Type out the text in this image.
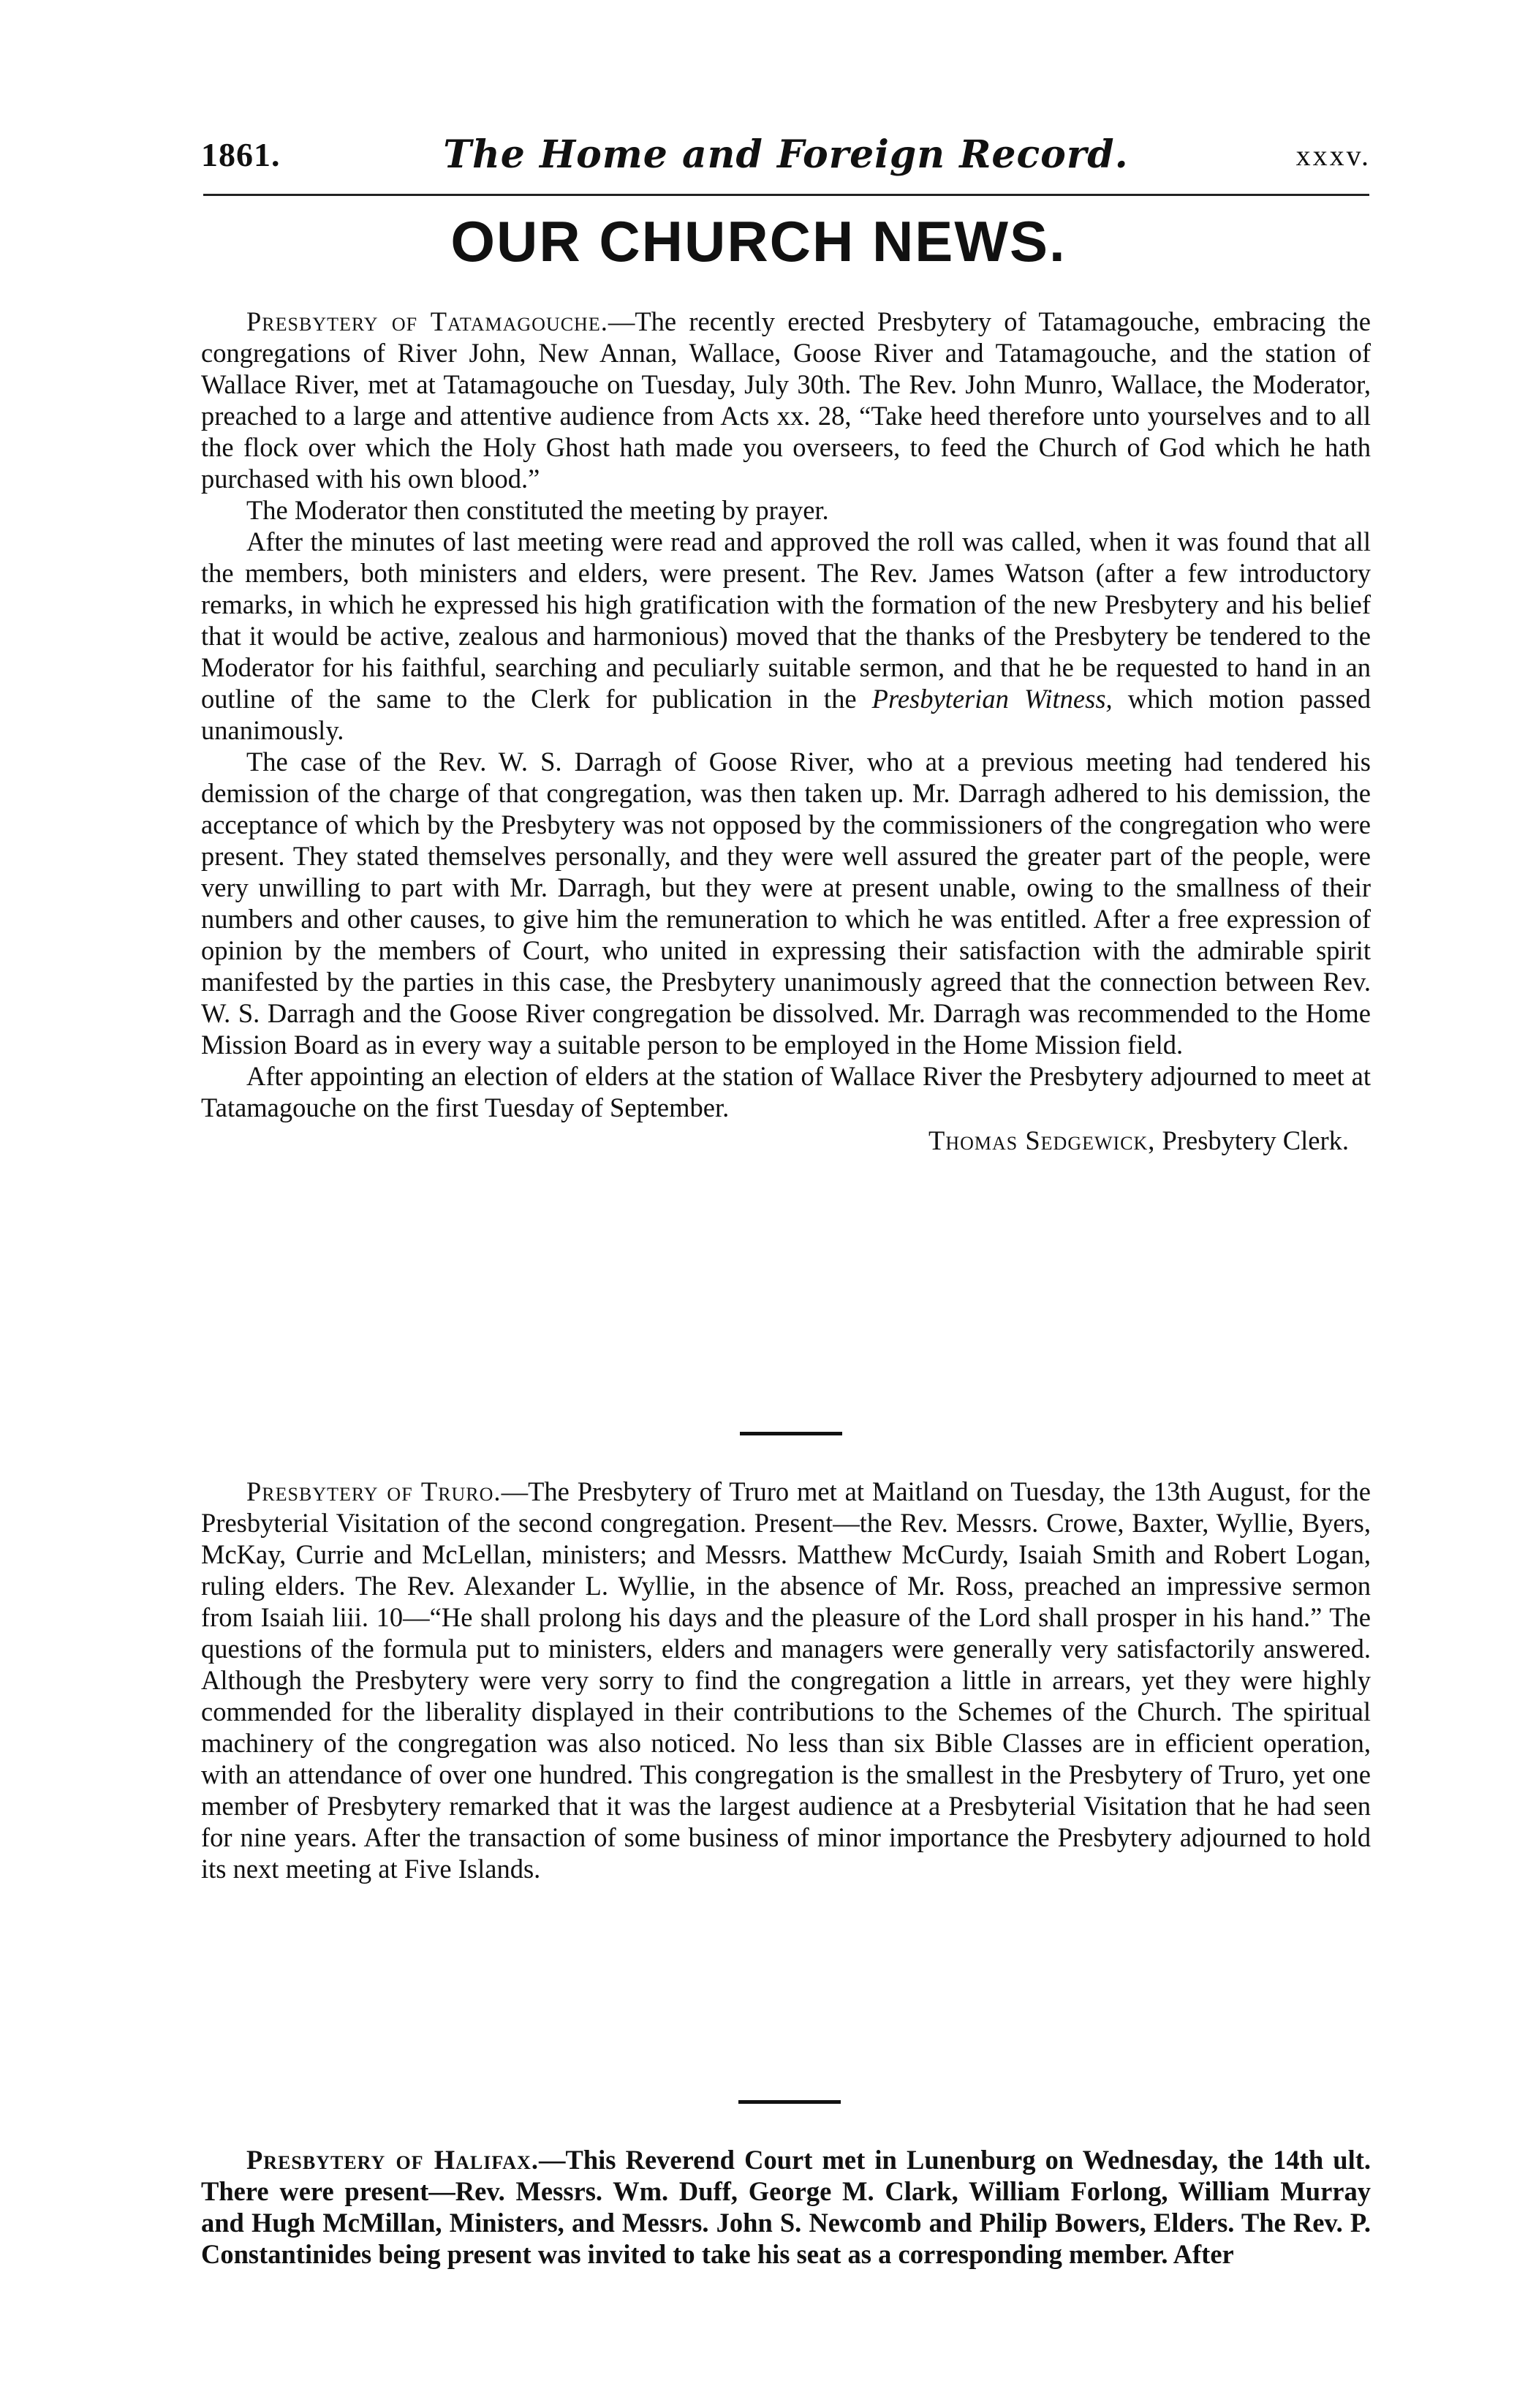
1861.	The Home and Foreign Record.	xxxv.
OUR CHURCH NEWS.

Presbytery of Tatamagouche.—The recently erected Presbytery of Tatamagouche, embracing the congregations of River John, New Annan, Wallace, Goose River and Tatamagouche, and the station of Wallace River, met at Tatamagouche on Tuesday, July 30th. The Rev. John Munro, Wallace, the Moderator, preached to a large and attentive audience from Acts xx. 28, “Take heed therefore unto yourselves and to all the flock over which the Holy Ghost hath made you overseers, to feed the Church of God which he hath purchased with his own blood.”

The Moderator then constituted the meeting by prayer.

After the minutes of last meeting were read and approved the roll was called, when it was found that all the members, both ministers and elders, were present. The Rev. James Watson (after a few introductory remarks, in which he expressed his high gratification with the formation of the new Presbytery and his belief that it would be active, zealous and harmonious) moved that the thanks of the Presbytery be tendered to the Moderator for his faithful, searching and peculiarly suitable sermon, and that he be requested to hand in an outline of the same to the Clerk for publication in the Presbyterian Witness, which motion passed unanimously.

The case of the Rev. W. S. Darragh of Goose River, who at a previous meeting had tendered his demission of the charge of that congregation, was then taken up. Mr. Darragh adhered to his demission, the acceptance of which by the Presbytery was not opposed by the commissioners of the congregation who were present. They stated themselves personally, and they were well assured the greater part of the people, were very unwilling to part with Mr. Darragh, but they were at present unable, owing to the smallness of their numbers and other causes, to give him the remuneration to which he was entitled. After a free expression of opinion by the members of Court, who united in expressing their satisfaction with the admirable spirit manifested by the parties in this case, the Presbytery unanimously agreed that the connection between Rev. W. S. Darragh and the Goose River congregation be dissolved. Mr. Darragh was recommended to the Home Mission Board as in every way a suitable person to be employed in the Home Mission field.

After appointing an election of elders at the station of Wallace River the Presbytery adjourned to meet at Tatamagouche on the first Tuesday of September.

Thomas Sedgewick, Presbytery Clerk.

Presbytery of Truro.—The Presbytery of Truro met at Maitland on Tuesday, the 13th August, for the Presbyterial Visitation of the second congregation. Present—the Rev. Messrs. Crowe, Baxter, Wyllie, Byers, McKay, Currie and McLellan, ministers; and Messrs. Matthew McCurdy, Isaiah Smith and Robert Logan, ruling elders. The Rev. Alexander L. Wyllie, in the absence of Mr. Ross, preached an impressive sermon from Isaiah liii. 10—“He shall prolong his days and the pleasure of the Lord shall prosper in his hand.” The questions of the formula put to ministers, elders and managers were generally very satisfactorily answered. Although the Presbytery were very sorry to find the congregation a little in arrears, yet they were highly commended for the liberality displayed in their contributions to the Schemes of the Church. The spiritual machinery of the congregation was also noticed. No less than six Bible Classes are in efficient operation, with an attendance of over one hundred. This congregation is the smallest in the Presbytery of Truro, yet one member of Presbytery remarked that it was the largest audience at a Presbyterial Visitation that he had seen for nine years. After the transaction of some business of minor importance the Presbytery adjourned to hold its next meeting at Five Islands.

Presbytery of Halifax.—This Reverend Court met in Lunenburg on Wednesday, the 14th ult. There were present—Rev. Messrs. Wm. Duff, George M. Clark, William Forlong, William Murray and Hugh McMillan, Ministers, and Messrs. John S. Newcomb and Philip Bowers, Elders. The Rev. P. Constantinides being present was invited to take his seat as a corresponding member. After
